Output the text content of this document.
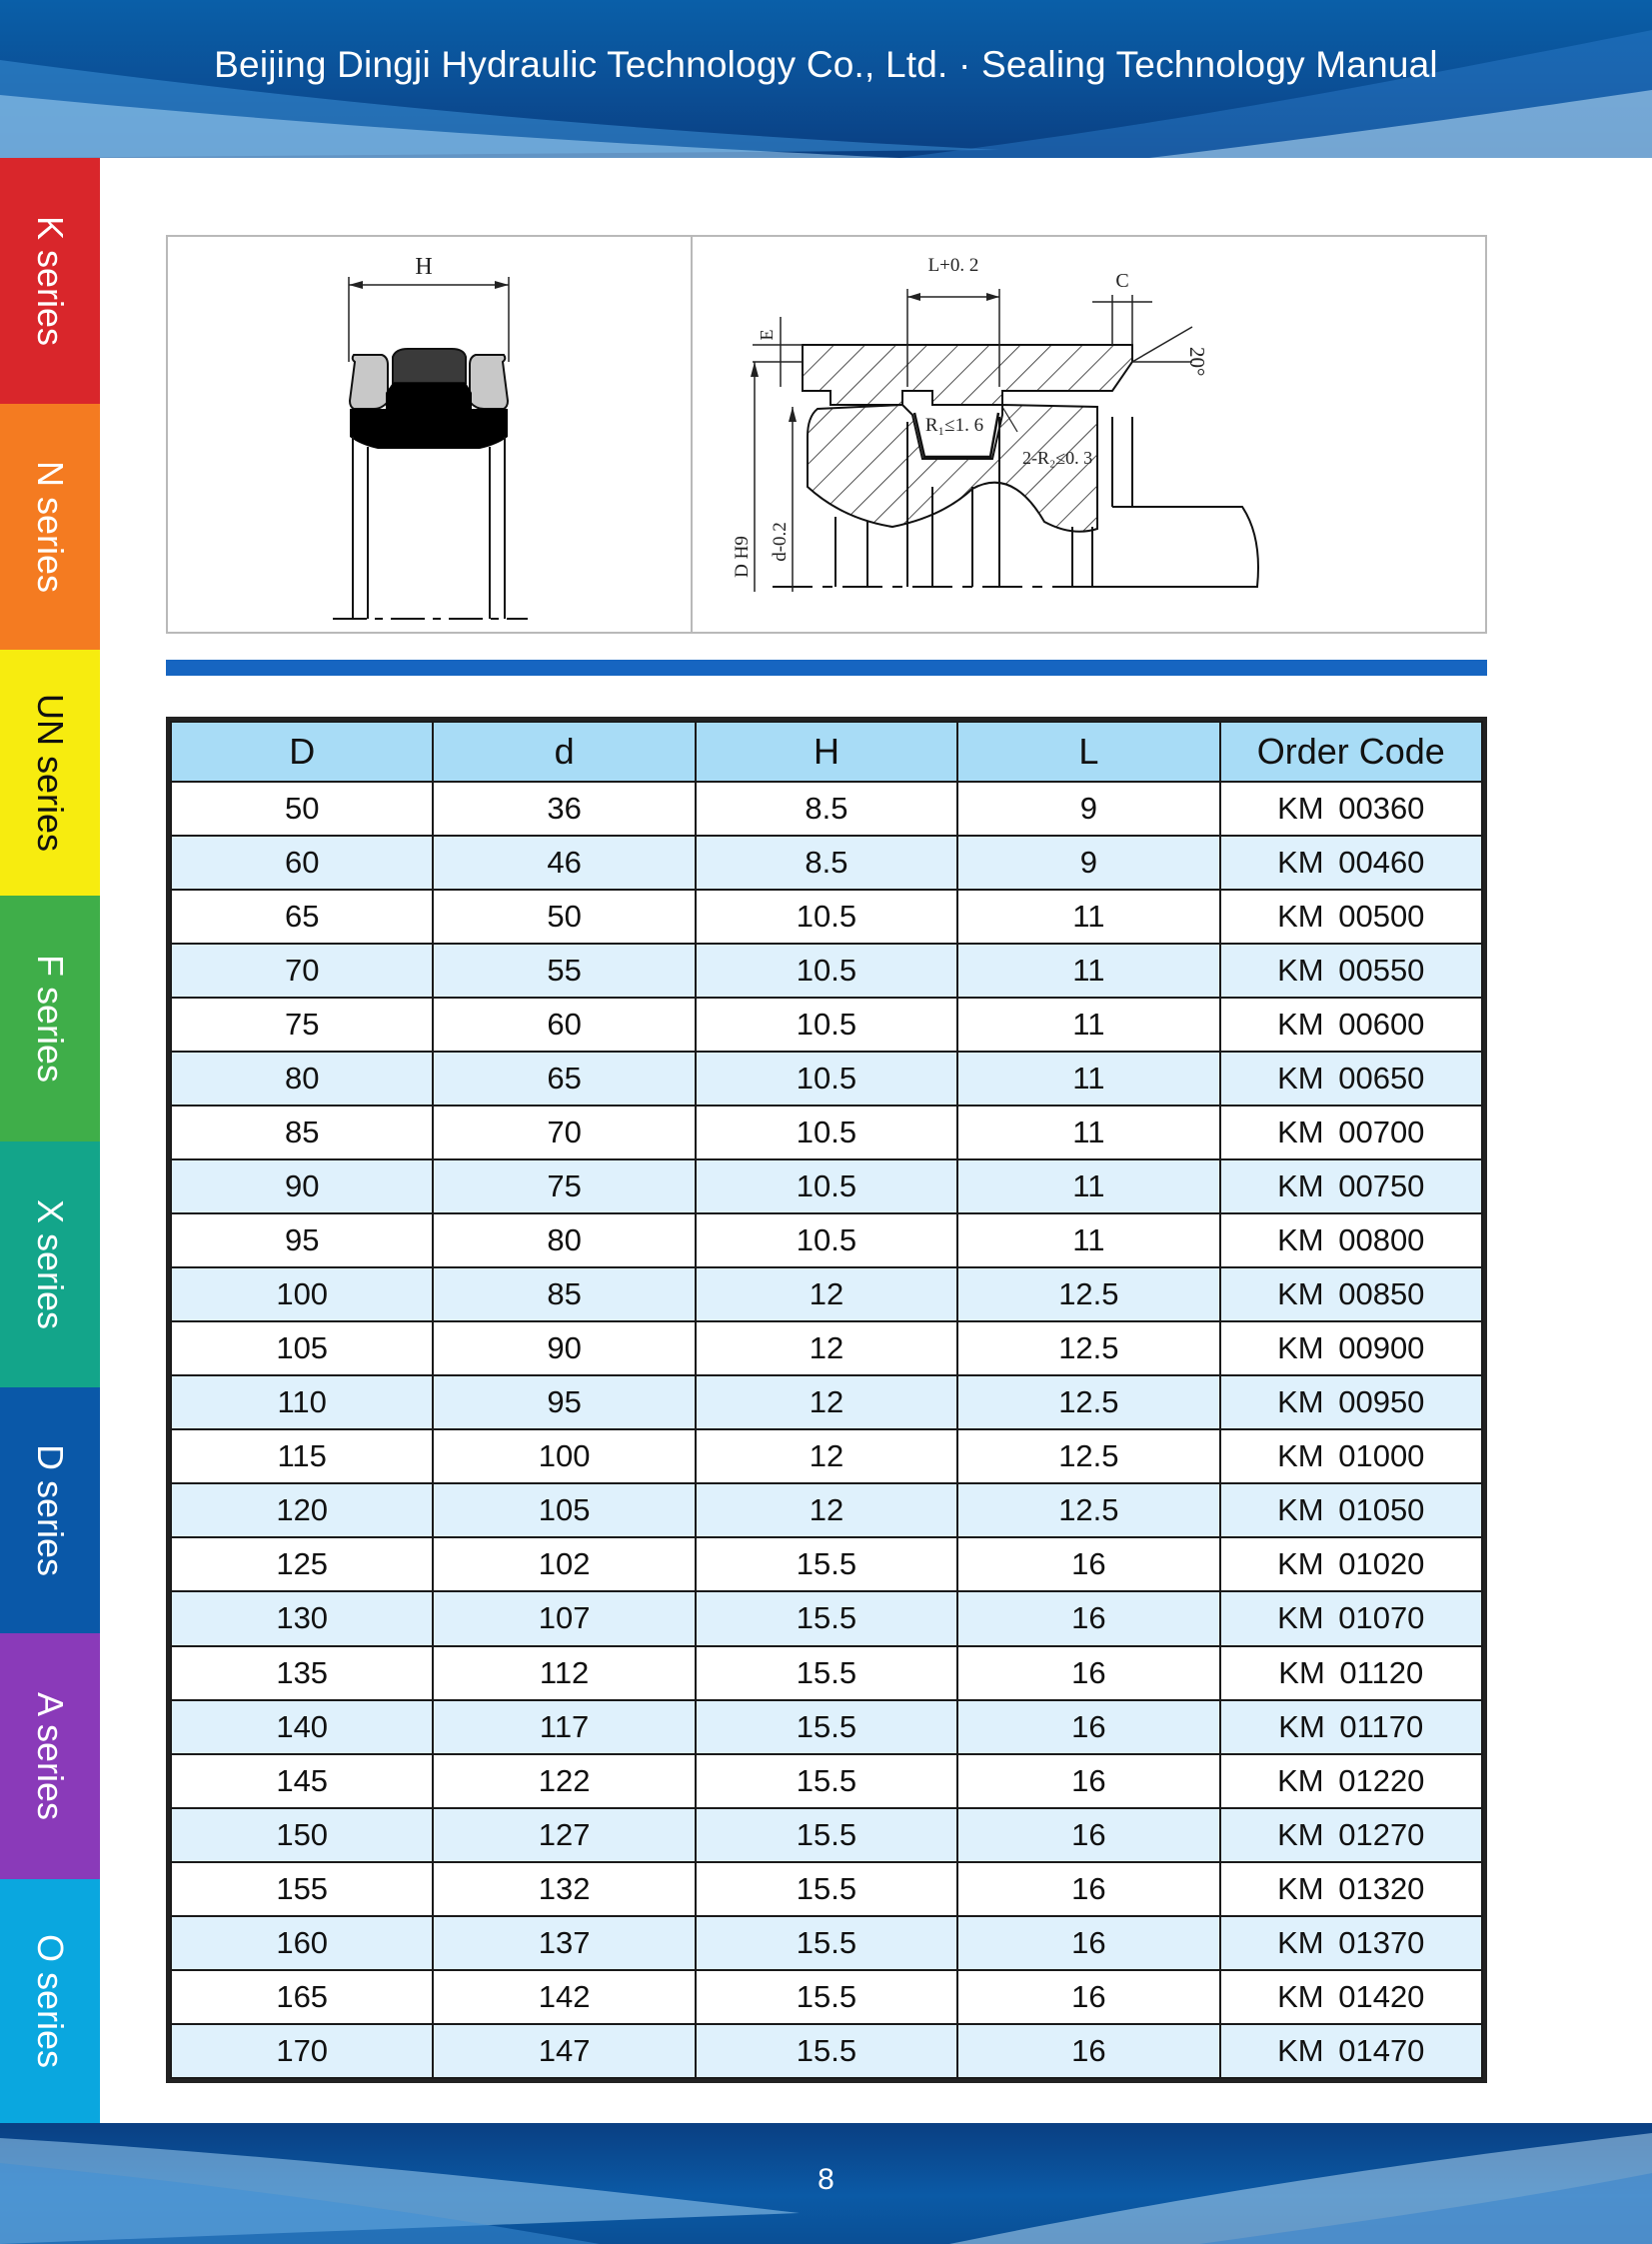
Beijing Dingji Hydraulic Technology Co., Ltd. · Sealing Technology Manual
K series
N series
UN series
F series
X series
D series
A series
O series
H	L+0. 2
C
20°
E
D H9 d-0.2
R₁≤1. 6
2-R₂≤0. 3
D	d	H	L	Order Code
50	36	8.5	9	KM 00360
60	46	8.5	9	KM 00460
65	50	10.5	11	KM 00500
70	55	10.5	11	KM 00550
75	60	10.5	11	KM 00600
80	65	10.5	11	KM 00650
85	70	10.5	11	KM 00700
90	75	10.5	11	KM 00750
95	80	10.5	11	KM 00800
100	85	12	12.5	KM 00850
105	90	12	12.5	KM 00900
110	95	12	12.5	KM 00950
115	100	12	12.5	KM 01000
120	105	12	12.5	KM 01050
125	102	15.5	16	KM 01020
130	107	15.5	16	KM 01070
135	112	15.5	16	KM 01120
140	117	15.5	16	KM 01170
145	122	15.5	16	KM 01220
150	127	15.5	16	KM 01270
155	132	15.5	16	KM 01320
160	137	15.5	16	KM 01370
165	142	15.5	16	KM 01420
170	147	15.5	16	KM 01470
8
